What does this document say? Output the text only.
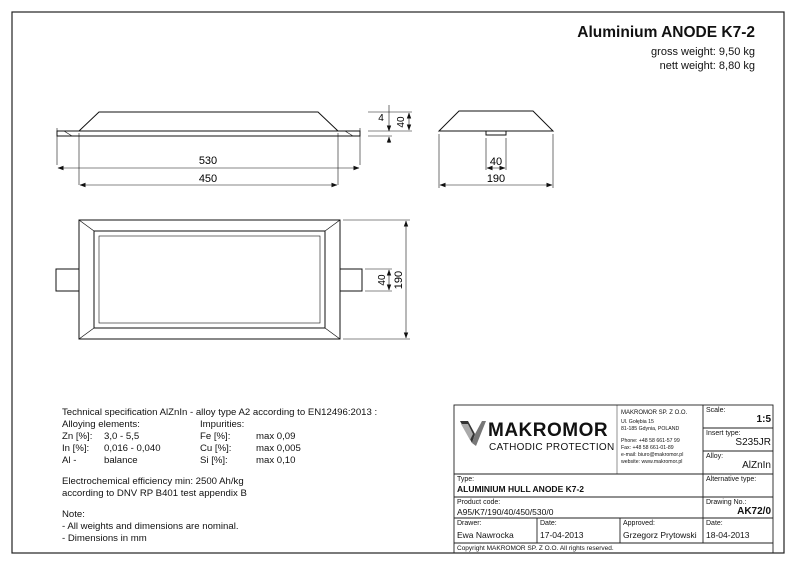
530
450
4 40
40
190
40 190
Aluminium ANODE K7-2
gross weight: 9,50 kg
nett weight: 8,80 kg
Technical specification AlZnIn - alloy type A2 according to EN12496:2013 :
Alloying elements:	Impurities:
Zn [%]: 3,0 - 5,5	Fe [%]:	max 0,09
In [%]: 0,016 - 0,040	Cu [%]:	max 0,005
Al -	balance	Si [%]:	max 0,10
Electrochemical efficiency min: 2500 Ah/kg
according to DNV RP B401 test appendix B
Note:
- All weights and dimensions are nominal.
- Dimensions in mm
MAKROMOR
CATHODIC PROTECTION
MAKROMOR SP. Z O.O.
Ul. Gołębia 15
81-185 Gdynia, POLAND
Phone: +48 58 661-57 99
Fax: +48 58 661-01-89
e-mail: biuro@makromor.pl
website: www.makromor.pl
Scale:
1:5
Insert type:
S235JR
Alloy:
AlZnIn
Alternative type:
Type:
ALUMINIUM HULL ANODE K7-2
Product code:
A95/K7/190/40/450/530/0
Drawing No.:
AK72/0
Drawer:
Ewa Nawrocka
Date:
17-04-2013
Approved:
Grzegorz Prytowski
Date:
18-04-2013
Copyright MAKROMOR SP. Z O.O. All rights reserved.
